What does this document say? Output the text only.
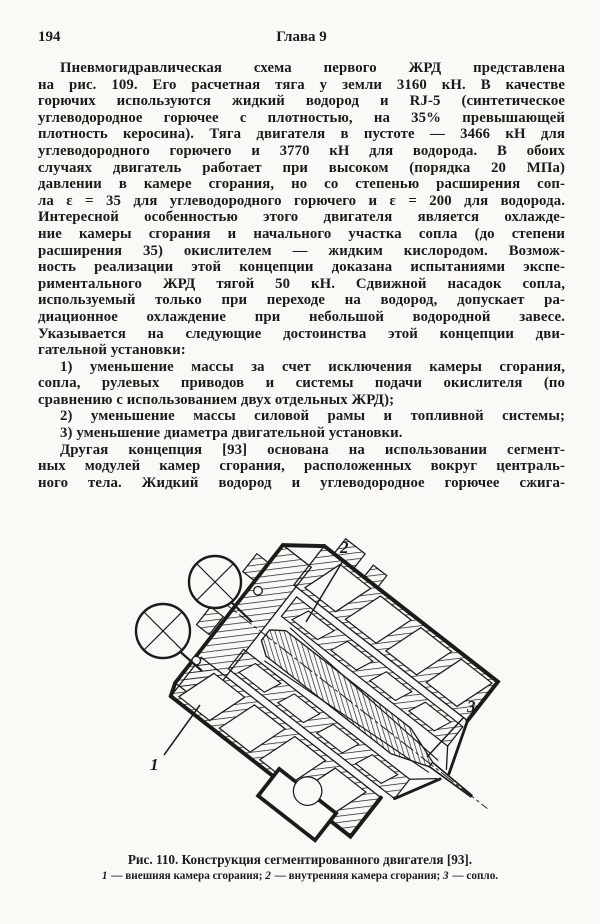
194	Глава 9
Пневмогидравлическая схема первого ЖРД представлена
на рис. 109. Его расчетная тяга у земли 3160 кН. В качестве
горючих используются жидкий водород и RJ-5 (синтетическое
углеводородное горючее с плотностью, на 35% превышающей
плотность керосина). Тяга двигателя в пустоте — 3466 кН для
углеводородного горючего и 3770 кН для водорода. В обоих
случаях двигатель работает при высоком (порядка 20 МПа)
давлении в камере сгорания, но со степенью расширения соп-
ла ε = 35 для углеводородного горючего и ε = 200 для водорода.
Интересной особенностью этого двигателя является охлажде-
ние камеры сгорания и начального участка сопла (до степени
расширения 35) окислителем — жидким кислородом. Возмож-
ность реализации этой концепции доказана испытаниями экспе-
риментального ЖРД тягой 50 кН. Сдвижной насадок сопла,
используемый только при переходе на водород, допускает ра-
диационное охлаждение при небольшой водородной завесе.
Указывается на следующие достоинства этой концепции дви-
гательной установки:
1) уменьшение массы за счет исключения камеры сгорания,
сопла, рулевых приводов и системы подачи окислителя (по
сравнению с использованием двух отдельных ЖРД);
2) уменьшение массы силовой рамы и топливной системы;
3) уменьшение диаметра двигательной установки.
Другая концепция [93] основана на использовании сегмент-
ных модулей камер сгорания, расположенных вокруг централь-
ного тела. Жидкий водород и углеводородное горючее сжига-
2
3
1
Рис. 110. Конструкция сегментированного двигателя [93].
1 — внешняя камера сгорания; 2 — внутренняя камера сгорания; 3 — сопло.
